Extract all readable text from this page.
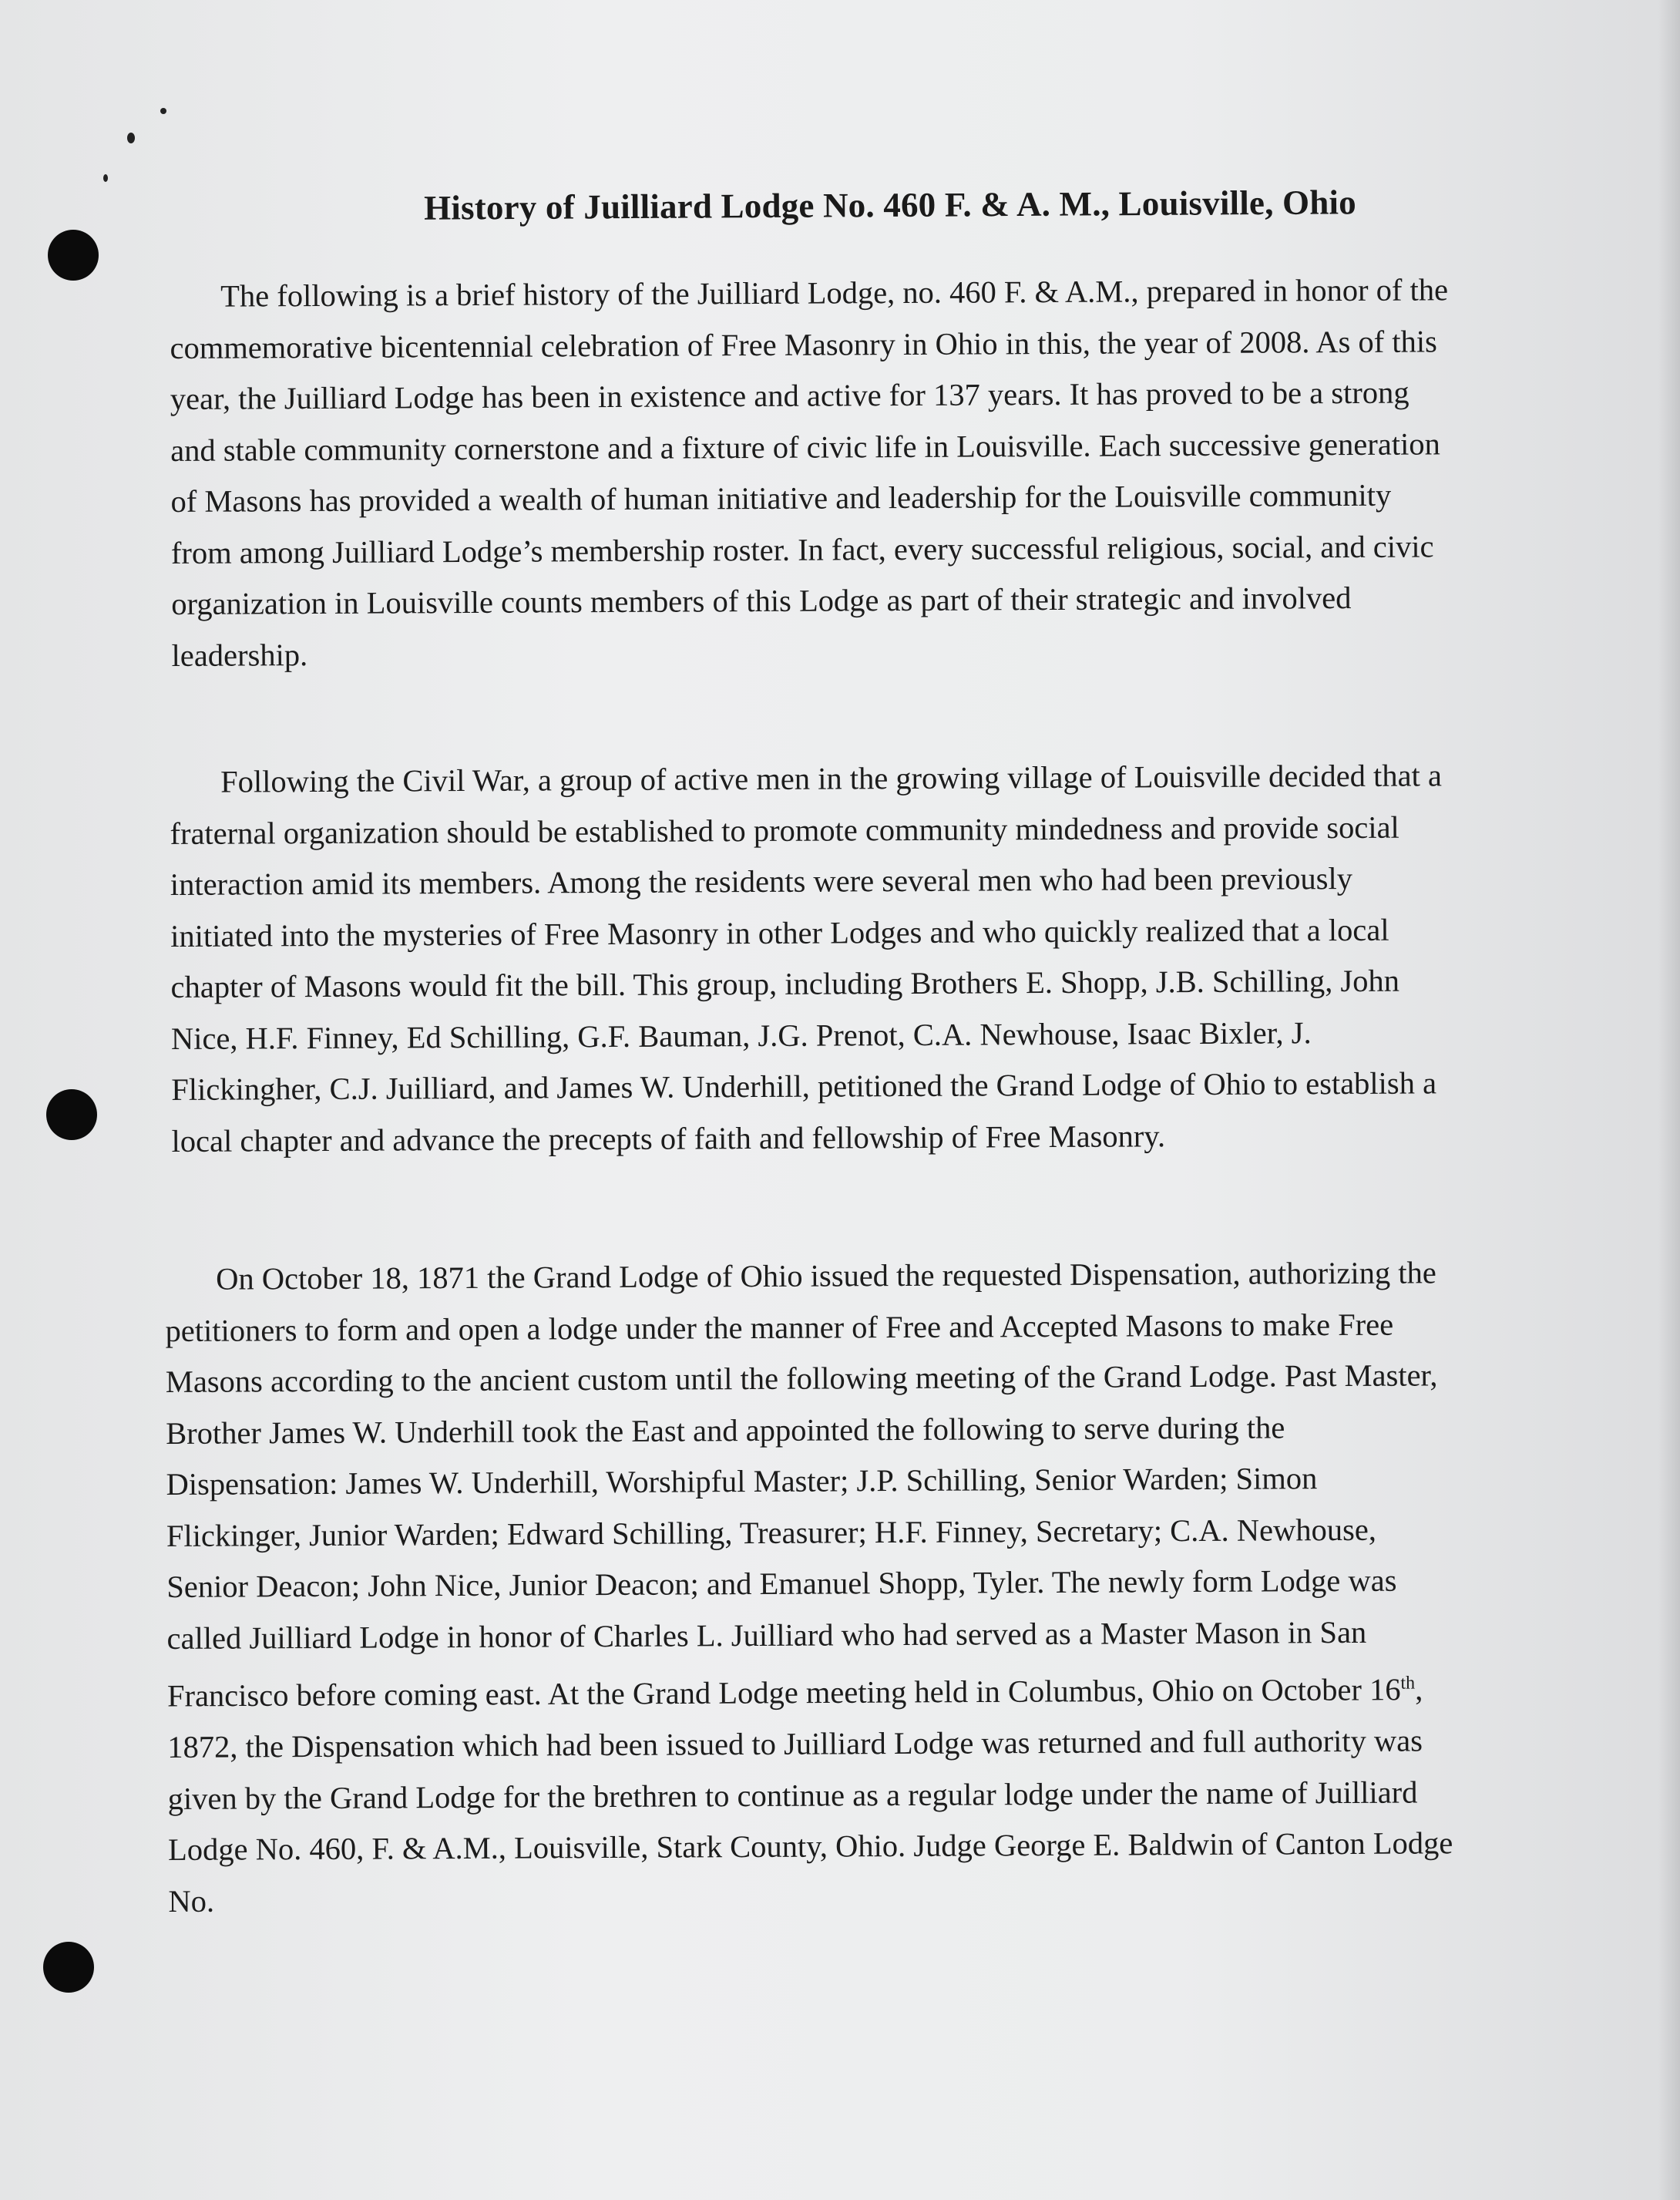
History of Juilliard Lodge No. 460 F. & A. M., Louisville, Ohio
The following is a brief history of the Juilliard Lodge, no. 460 F. & A.M., prepared in honor of the commemorative bicentennial celebration of Free Masonry in Ohio in this, the year of 2008. As of this year, the Juilliard Lodge has been in existence and active for 137 years. It has proved to be a strong and stable community cornerstone and a fixture of civic life in Louisville. Each successive generation of Masons has provided a wealth of human initiative and leadership for the Louisville community from among Juilliard Lodge’s membership roster. In fact, every successful religious, social, and civic organization in Louisville counts members of this Lodge as part of their strategic and involved leadership.
Following the Civil War, a group of active men in the growing village of Louisville decided that a fraternal organization should be established to promote community mindedness and provide social interaction amid its members. Among the residents were several men who had been previously initiated into the mysteries of Free Masonry in other Lodges and who quickly realized that a local chapter of Masons would fit the bill. This group, including Brothers E. Shopp, J.B. Schilling, John Nice, H.F. Finney, Ed Schilling, G.F. Bauman, J.G. Prenot, C.A. Newhouse, Isaac Bixler, J. Flickingher, C.J. Juilliard, and James W. Underhill, petitioned the Grand Lodge of Ohio to establish a local chapter and advance the precepts of faith and fellowship of Free Masonry.
On October 18, 1871 the Grand Lodge of Ohio issued the requested Dispensation, authorizing the petitioners to form and open a lodge under the manner of Free and Accepted Masons to make Free Masons according to the ancient custom until the following meeting of the Grand Lodge. Past Master, Brother James W. Underhill took the East and appointed the following to serve during the Dispensation: James W. Underhill, Worshipful Master; J.P. Schilling, Senior Warden; Simon Flickinger, Junior Warden; Edward Schilling, Treasurer; H.F. Finney, Secretary; C.A. Newhouse, Senior Deacon; John Nice, Junior Deacon; and Emanuel Shopp, Tyler. The newly form Lodge was called Juilliard Lodge in honor of Charles L. Juilliard who had served as a Master Mason in San Francisco before coming east. At the Grand Lodge meeting held in Columbus, Ohio on October 16th, 1872, the Dispensation which had been issued to Juilliard Lodge was returned and full authority was given by the Grand Lodge for the brethren to continue as a regular lodge under the name of Juilliard Lodge No. 460, F. & A.M., Louisville, Stark County, Ohio. Judge George E. Baldwin of Canton Lodge No.
